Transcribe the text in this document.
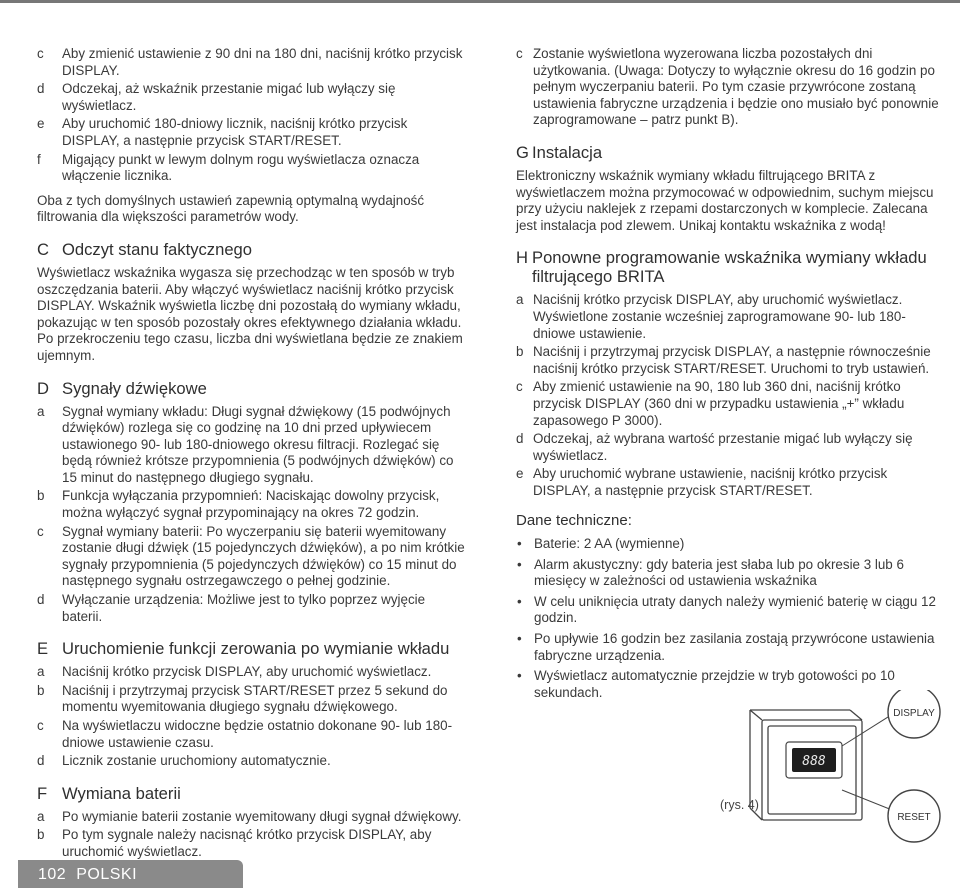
c Aby zmienić ustawienie z 90 dni na 180 dni, naciśnij krótko przycisk DISPLAY.
d Odczekaj, aż wskaźnik przestanie migać lub wyłączy się wyświetlacz.
e Aby uruchomić 180-dniowy licznik, naciśnij krótko przycisk DISPLAY, a następnie przycisk START/RESET.
f Migający punkt w lewym dolnym rogu wyświetlacza oznacza włączenie licznika.

Oba z tych domyślnych ustawień zapewnią optymalną wydajność filtrowania dla większości parametrów wody.

C Odczyt stanu faktycznego

Wyświetlacz wskaźnika wygasza się przechodząc w ten sposób w tryb oszczędzania baterii. Aby włączyć wyświetlacz naciśnij krótko przycisk DISPLAY. Wskaźnik wyświetla liczbę dni pozostałą do wymiany wkładu, pokazując w ten sposób pozostały okres efektywnego działania wkładu. Po przekroczeniu tego czasu, liczba dni wyświetlana będzie ze znakiem ujemnym.

D Sygnały dźwiękowe
a Sygnał wymiany wkładu: Długi sygnał dźwiękowy (15 podwójnych dźwięków) rozlega się co godzinę na 10 dni przed upływiecem ustawionego 90- lub 180-dniowego okresu filtracji. Rozlegać się będą również krótsze przypomnienia (5 podwójnych dźwięków) co 15 minut do następnego długiego sygnału.
b Funkcja wyłączania przypomnień: Naciskając dowolny przycisk, można wyłączyć sygnał przypominający na okres 72 godzin.
c Sygnał wymiany baterii: Po wyczerpaniu się baterii wyemitowany zostanie długi dźwięk (15 pojedynczych dźwięków), a po nim krótkie sygnały przypomnienia (5 pojedynczych dźwięków) co 15 minut do następnego sygnału ostrzegawczego o pełnej godzinie.
d Wyłączanie urządzenia: Możliwe jest to tylko poprzez wyjęcie baterii.
E Uruchomienie funkcji zerowania po wymianie wkładu
a Naciśnij krótko przycisk DISPLAY, aby uruchomić wyświetlacz.
b Naciśnij i przytrzymaj przycisk START/RESET przez 5 sekund do momentu wyemitowania długiego sygnału dźwiękowego.
c Na wyświetlaczu widoczne będzie ostatnio dokonane 90- lub 180-dniowe ustawienie czasu.
d Licznik zostanie uruchomiony automatycznie.
F Wymiana baterii
a Po wymianie baterii zostanie wyemitowany długi sygnał dźwiękowy.
b Po tym sygnale należy nacisnąć krótko przycisk DISPLAY, aby uruchomić wyświetlacz.
c Zostanie wyświetlona wyzerowana liczba pozostałych dni użytkowania. (Uwaga: Dotyczy to wyłącznie okresu do 16 godzin po pełnym wyczerpaniu baterii. Po tym czasie przywrócone zostaną ustawienia fabryczne urządzenia i będzie ono musiało być ponownie zaprogramowane – patrz punkt B).
G Instalacja

Elektroniczny wskaźnik wymiany wkładu filtrującego BRITA z wyświetlaczem można przymocować w odpowiednim, suchym miejscu przy użyciu naklejek z rzepami dostarczonych w komplecie. Zalecana jest instalacja pod zlewem. Unikaj kontaktu wskaźnika z wodą!

H Ponowne programowanie wskaźnika wymiany wkładu filtrującego BRITA
a Naciśnij krótko przycisk DISPLAY, aby uruchomić wyświetlacz. Wyświetlone zostanie wcześniej zaprogramowane 90- lub 180-dniowe ustawienie.
b Naciśnij i przytrzymaj przycisk DISPLAY, a następnie równocześnie naciśnij krótko przycisk START/RESET. Uruchomi to tryb ustawień.
c Aby zmienić ustawienie na 90, 180 lub 360 dni, naciśnij krótko przycisk DISPLAY (360 dni w przypadku ustawienia „+” wkładu zapasowego P 3000).
d Odczekaj, aż wybrana wartość przestanie migać lub wyłączy się wyświetlacz.
e Aby uruchomić wybrane ustawienie, naciśnij krótko przycisk DISPLAY, a następnie przycisk START/RESET.
Dane techniczne:
• Baterie: 2 AA (wymienne)
• Alarm akustyczny: gdy bateria jest słaba lub po okresie 3 lub 6 miesięcy w zależności od ustawienia wskaźnika
• W celu uniknięcia utraty danych należy wymienić baterię w ciągu 12 godzin.
• Po upływie 16 godzin bez zasilania zostają przywrócone ustawienia fabryczne urządzenia.
• Wyświetlacz automatycznie przejdzie w tryb gotowości po 10 sekundach.
888
DISPLAY
RESET
(rys. 4)
102 POLSKI
